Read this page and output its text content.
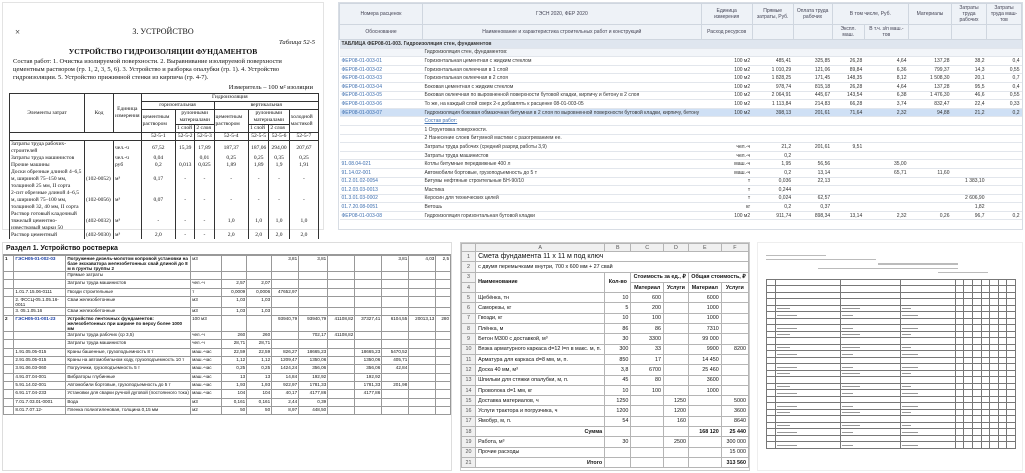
×	3. УСТРОЙСТВО
Таблица 52-5
УСТРОЙСТВО ГИДРОИЗОЛЯЦИИ ФУНДАМЕНТОВ
Состав работ: 1. Очистка изолируемой поверхности. 2. Выравнивание изолируемой поверхности цементным раствором (гр. 1, 2, 3, 5, 6). 3. Устройство и разборка опалубки (гр. 1). 4. Устройство гидроизоляции. 5. Устройство прижимной стенки из кирпича (гр. 4-7).
Измеритель – 100 м² изоляции
Элементы затрат	Код	Единица измерения	Гидроизоляция						
			горизонтальная			вертикальная			
			цементным раствором	рулонными материалами		цементным раствором	рулонными материалами		холодной мастикой
				1 слой	2 слоя		1 слой	2 слоя	
			52-5-1	52-5-2	52-5-3	52-5-4	52-5-5	52-5-6	52-5-7
Затраты труда рабочих-строителей		чел.-ч	67,52	15,39	17,89	187,37	187,06	294,00	207,67
Затраты труда машинистов		чел.-ч	0,04		0,01	0,25	0,25	0,35	0,25
Прочие машины		руб	0,2	0,013	0,025	1,89	1,89	1,9	1,91
Доски обрезные длиной 4–6,5 м, шириной 75–150 мм, толщиной 25 мм, II сорта	(102-0052)	м³	0,17	-	-	-	-	-	-
2-сит обрезные длиной 4–6,5 м, шириной 75–100 мм, толщиной 32, 40 мм, II сорта	(102-0056)	м³	0,07	-	-	-	-	-	-
Раствор готовый кладочный тяжелый цементно-известковый марки 50	(402-0032)	м³	-	-	-	1,0	1,0	1,0	1,0
Раствор цементный	(402-9030)	м³	2,0	-	-	2,0	2,0	2,0	2,0
Номера расценок	ГЭСН 2020, ФЕР 2020	Единица измерения	Прямые затраты, Руб.	Оплата труда рабочих	В том числе, Руб.		Материалы	Затраты труда рабочих	Затраты труда маш-тов
Обоснование	Наименование и характеристика строительных работ и конструкций	Расход ресурсов			Экспл. маш.	В т.ч. з/п маш.-тов			
ТАБЛИЦА ФЕР08-01-003. Гидроизоляция стен, фундаментов									
	Гидроизоляция стен, фундаментов:								
ФЕР08-01-003-01	Горизонтальная цементная с жидким стеклом	100 м2	485,41	325,85	26,28	4,64	137,28	38,2	0,4
ФЕР08-01-003-02	Горизонтальная оклеечная в 1 слой	100 м2	1 010,29	121,06	89,84	6,36	799,37	14,3	0,55
ФЕР08-01-003-03	Горизонтальная оклеечная в 2 слоя	100 м2	1 828,25	171,45	148,35	8,12	1 508,30	20,1	0,7
ФЕР08-01-003-04	Боковая цементная с жидким стеклом	100 м2	978,74	815,18	26,28	4,64	137,28	95,5	0,4
ФЕР08-01-003-05	Боковая оклеечная по выровненной поверхности бутовой кладки, кирпичу и бетону в 2 слоя	100 м2	2 064,91	445,67	143,54	6,38	1 476,30	46,6	0,55
ФЕР08-01-003-06	То же, на каждый слой сверх 2-х добавлять к расценке 08-01-003-05	100 м2	1 113,84	214,83	66,28	3,74	832,47	22,4	0,33
ФЕР08-01-003-07	Гидроизоляция боковая обмазочная битумная в 2 слоя по выровненной поверхности бутовой кладки, кирпичу, бетону	100 м2	398,13	201,61	71,64	2,32	94,88	21,2	0,2
	Состав работ:								
	1 Огрунтовка поверхности.								
	2 Нанесение слоев битумной мастики с разогреванием ее.								
	Затраты труда рабочих (средний разряд работы 3,9)	чел.-ч	21,2	201,61	9,51				
	Затраты труда машинистов	чел.-ч	0,2						
91.08.04-021	Котлы битумные передвижные 400 л	маш.-ч	1,95	56,56		35,00			
91.14.02-001	Автомобили бортовые, грузоподъемность до 5 т	маш.-ч	0,2	13,14		65,71	11,60		
01.2.01.02-0054	Битумы нефтяные строительные БН-90/10	т	0,036	22,13				1 383,10	
01.2.03.03-0013	Мастика	т	0,244						
01.3.01.03-0002	Керосин для технических целей	т	0,024	62,57				2 606,90	
01.7.20.08-0051	Ветошь	кг	0,2	0,37				1,82	
ФЕР08-01-003-08	Гидроизоляция горизонтальная бутовой кладки	100 м2	911,74	898,34	13,14	2,32	0,26	96,7	0,2
Раздел 1. Устройство ростверка
1	ГЭСН05-01-002-03	Погружение дизель-молотом копровой установки на базе экскаватора железобетонных свай длиной до 8 м в грунты группы 2	м3			3,81	3,81			3,81	4,03	2,5
		Прямые затраты										
		Затраты труда машинистов	чел.-ч	2,57	2,07							
	1.01.7.15.06-0111	Гвозди строительные	т	0,0009	0,0006	47652,97						
	2. ФССЦ-05.1.05.16-0011	Сваи железобетонные	м3	1,03	1,03							
	3. 05.1.05.16	Сваи железобетонные	м3	1,03	1,03							
2	ГЭСН05-01-001-23	Устройство ленточных фундаментов: железобетонных при ширине по верху более 1000 мм	100 м3			93940,79	93940,79	41108,82	37327,41	6104,55	20013,13	280
		Затраты труда рабочих (ср 3,5)	чел.-ч	260	260		702,17	41108,82				
		Затраты труда машинистов	чел.-ч	28,71	28,71							
	1.91.05.05-015	Краны башенные, грузоподъемность 8 т	маш.-час	22,59	22,59	826,27	18665,23		18665,23	5470,52		
	2.91.05.05-015	Краны на автомобильном ходу, грузоподъемность 10 т	маш.-час	1,12	1,12	1209,47	1350,06		1350,06	405,71		
	3.91.06.03-060	Погрузчики, грузоподъемность 5 т	маш.-час	0,25	0,25	1424,24	356,06		356,06	42,84		
	4.91.07.04-001	Вибраторы глубинные	маш.-час	13	13	14,84	192,92		192,92			
	5.91.14.02-001	Автомобили бортовые, грузоподъемность до 5 т	маш.-час	1,93	1,93	922,97	1781,33		1781,33	201,98		
	6.91.17.04-233	Установки для сварки ручной дуговой (постоянного тока)	маш.-час	104	104	40,17	4177,86		4177,86			
	7.01.7.03.01-0001	Вода	м3	0,161	0,161	2,44	0,39					
	8.01.7.07.12-	Пленка полиэтиленовая, толщина 0,15 мм	м2	50	50	8,97	448,50					
	A	B	C	D	E	F
1	Смета фундамента 11 х 11 м под ключ					
2	с двумя перемычками внутри, 700 х 600 мм + 27 свай					
3	Наименование	Кол-во	Стоимость за ед., ₽		Общая стоимость, ₽	
4			Материал	Услуги	Материал	Услуги
5	Щебёнка, тн	10	600		6000	
6	Саморезы, кг	5	200		1000	
7	Гвозди, кг	10	100		1000	
8	Плёнка, м	86	86		7310	
9	Бетон М300 с доставкой, м³	30	3300		99 000	
10	Вязка арматурного каркаса d=12 l=n в макс. м, п.	300	33		9900	8200
11	Арматура для каркаса d=8 мм, м, п.	850	17		14 450	
12	Доска 40 мм, м³	3,8	6700		25 460	
13	Шпильки для стяжки опалубки, м, п.	45	80		3600	
14	Проволока d=1 мм, кг	10	100		1000	
15	Доставка материалов, ч	1250		1250		5000
16	Услуги трактора и погрузчика, ч	1200		1200		3600
17	Ямобур, м, п.	54		160		8640
18	Сумма				168 120	25 440
19	Работа, м³	30		2500		300 000
20	Прочие расходы					15 000
21	Итого					313 560
